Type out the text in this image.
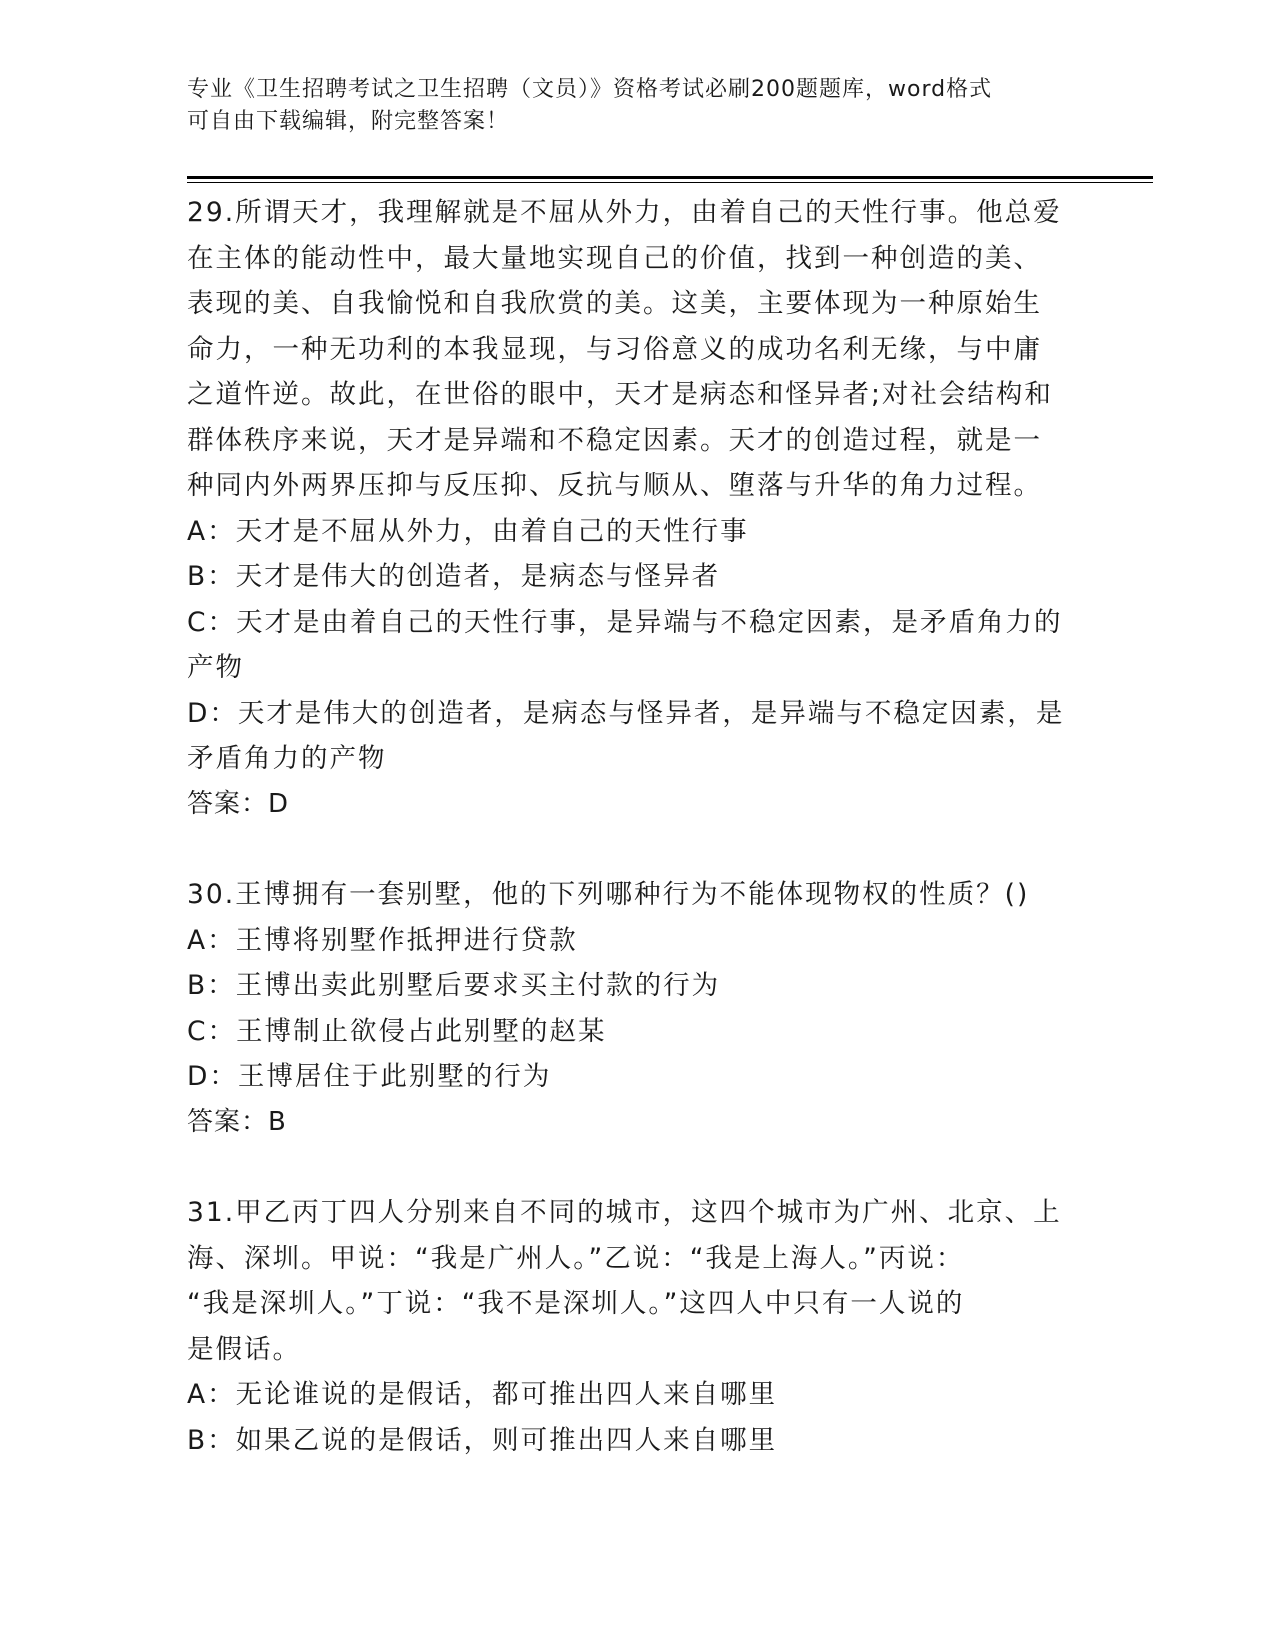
专业《卫生招聘考试之卫生招聘（文员）》资格考试必刷200题题库，word格式
可自由下载编辑，附完整答案！
29.所谓天才，我理解就是不屈从外力，由着自己的天性行事。他总爱
在主体的能动性中，最大量地实现自己的价值，找到一种创造的美、
表现的美、自我愉悦和自我欣赏的美。这美，主要体现为一种原始生
命力，一种无功利的本我显现，与习俗意义的成功名利无缘，与中庸
之道忤逆。故此，在世俗的眼中，天才是病态和怪异者;对社会结构和
群体秩序来说，天才是异端和不稳定因素。天才的创造过程，就是一
种同内外两界压抑与反压抑、反抗与顺从、堕落与升华的角力过程。
A：天才是不屈从外力，由着自己的天性行事
B：天才是伟大的创造者，是病态与怪异者
C：天才是由着自己的天性行事，是异端与不稳定因素，是矛盾角力的
产物
D：天才是伟大的创造者，是病态与怪异者，是异端与不稳定因素，是
矛盾角力的产物
答案：D
30.王博拥有一套别墅，他的下列哪种行为不能体现物权的性质？()
A：王博将别墅作抵押进行贷款
B：王博出卖此别墅后要求买主付款的行为
C：王博制止欲侵占此别墅的赵某
D：王博居住于此别墅的行为
答案：B
31.甲乙丙丁四人分别来自不同的城市，这四个城市为广州、北京、上
海、深圳。甲说：“我是广州人。”乙说：“我是上海人。”丙说：
“我是深圳人。”丁说：“我不是深圳人。”这四人中只有一人说的
是假话。
A：无论谁说的是假话，都可推出四人来自哪里
B：如果乙说的是假话，则可推出四人来自哪里
